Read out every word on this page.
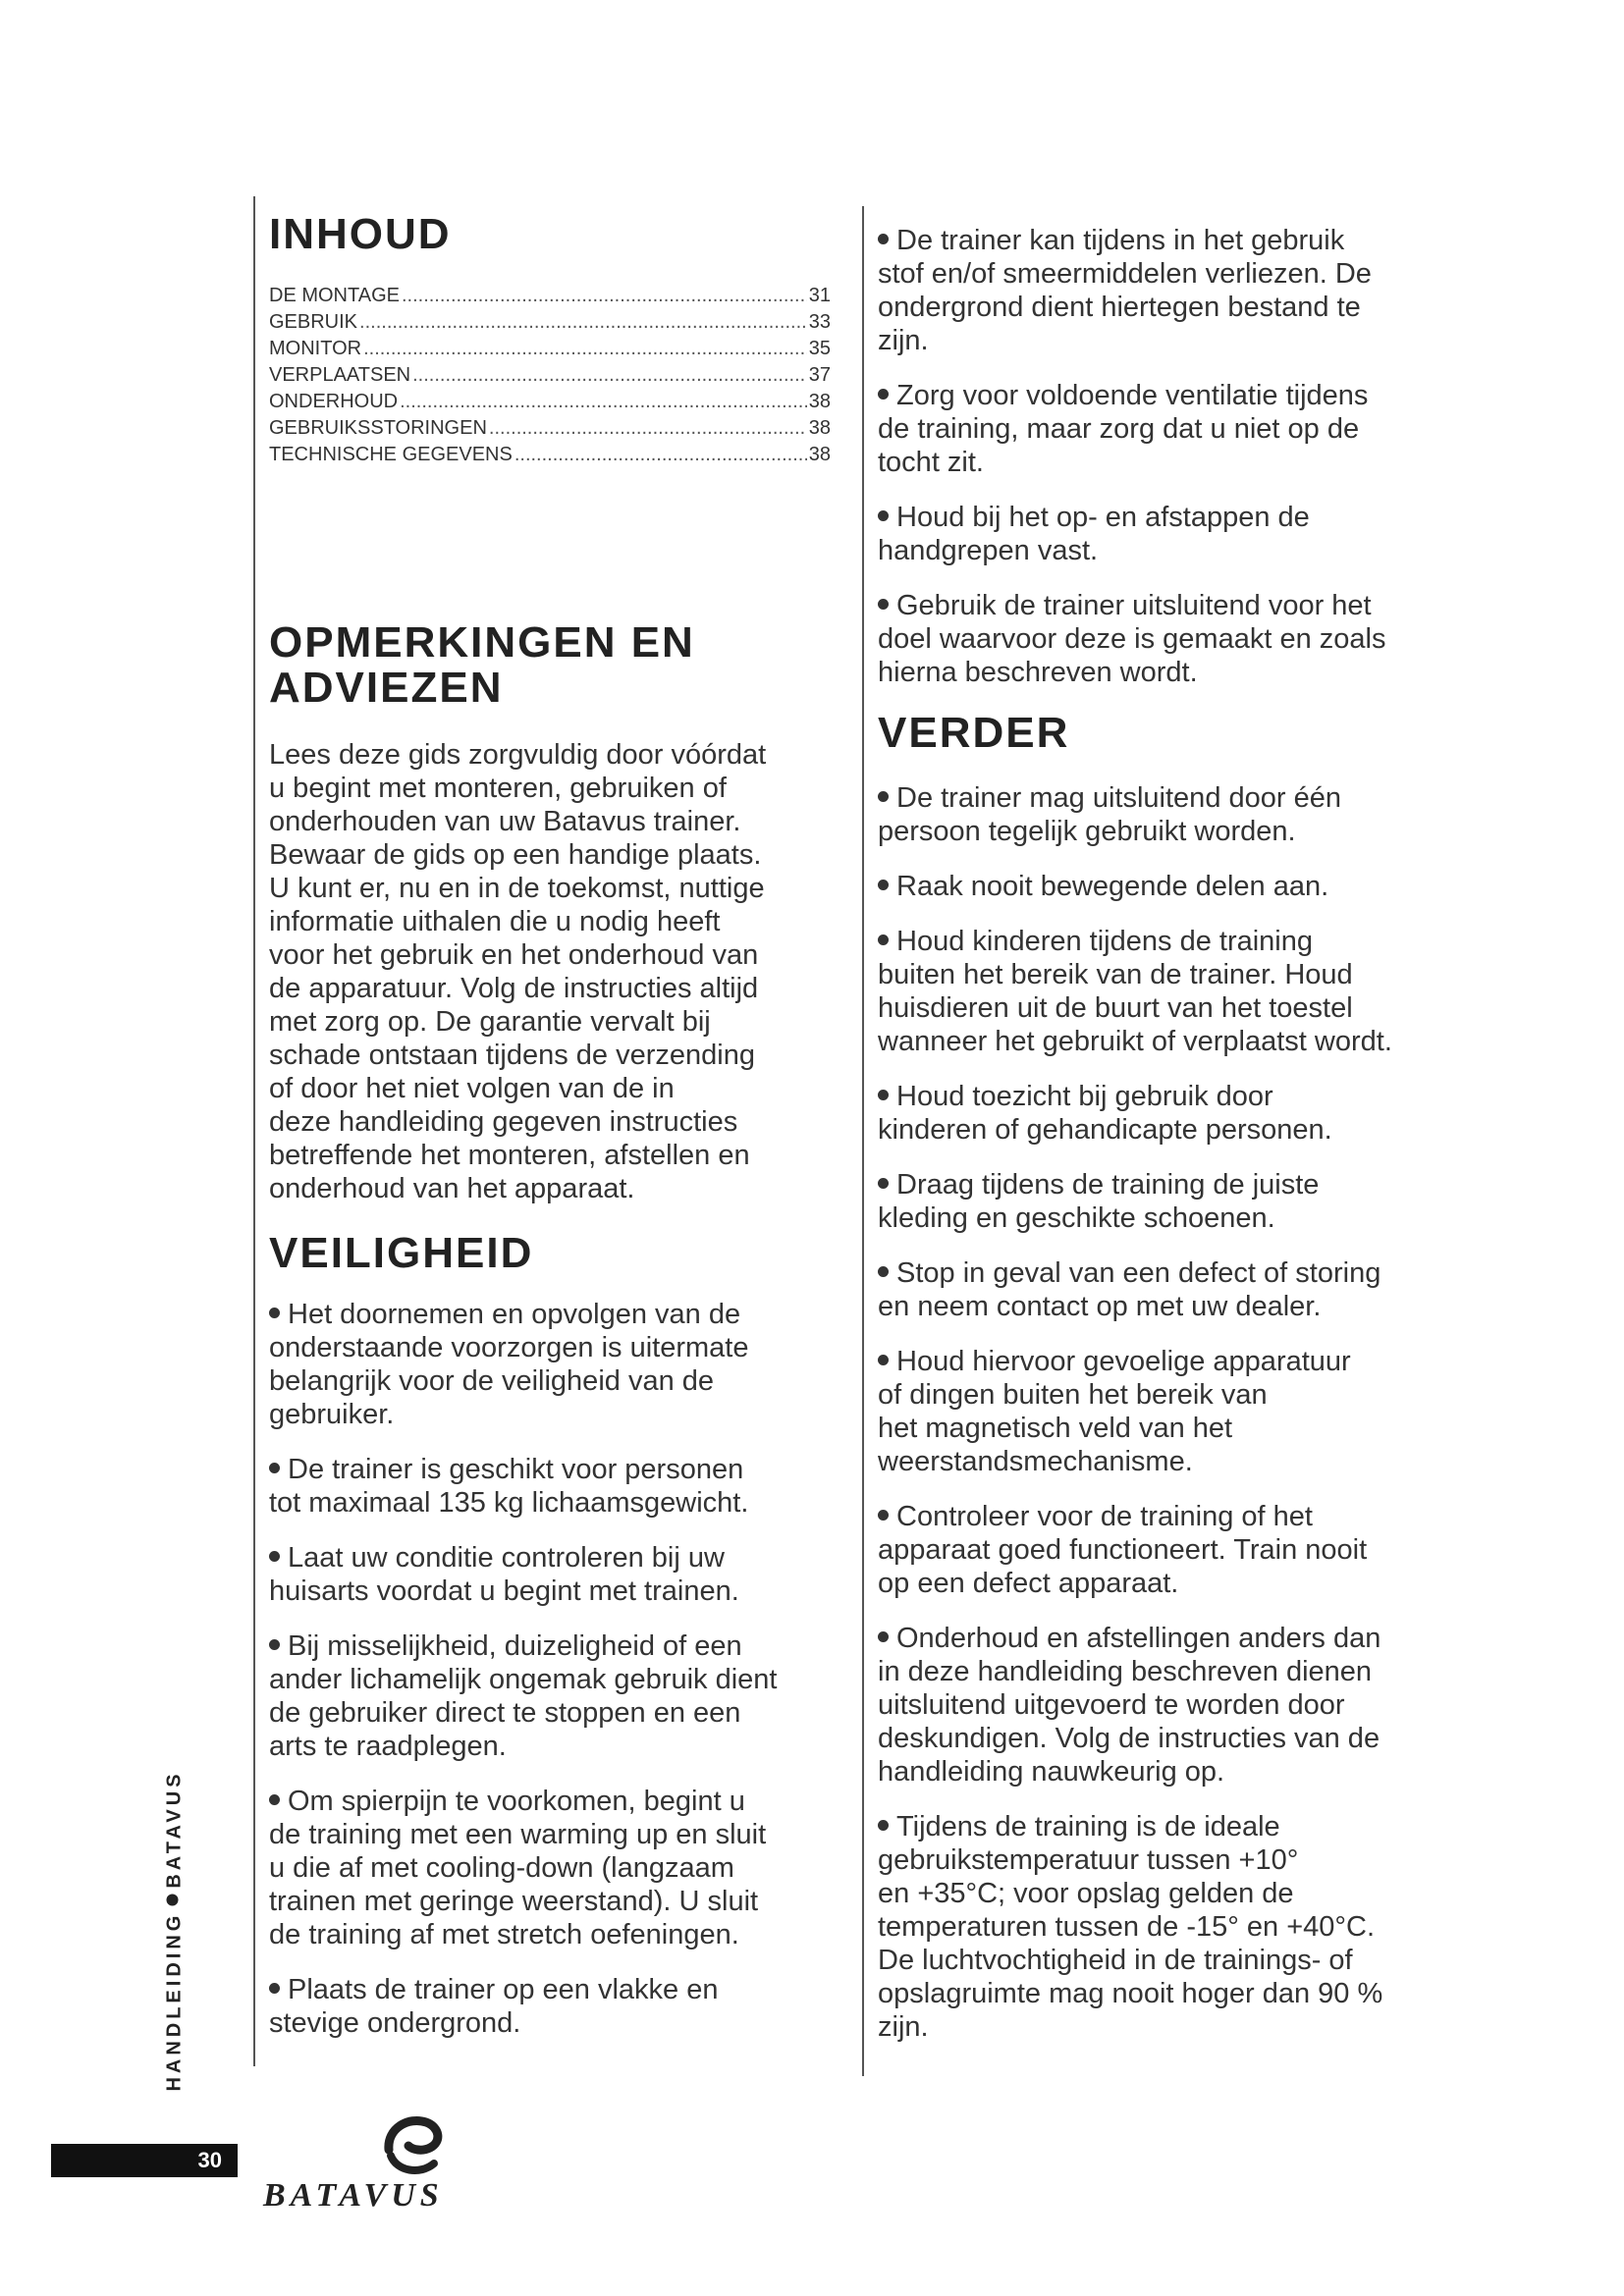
INHOUD
DE MONTAGE .....	31
GEBRUIK .....	33
MONITOR .....	35
VERPLAATSEN .....	37
ONDERHOUD .....	38
GEBRUIKSSTORINGEN .....	38
TECHNISCHE GEGEVENS .....	38
OPMERKINGEN EN
ADVIEZEN

Lees deze gids zorgvuldig door vóórdat
u begint met monteren, gebruiken of
onderhouden van uw Batavus trainer.
Bewaar de gids op een handige plaats.
U kunt er, nu en in de toekomst, nuttige
informatie uithalen die u nodig heeft
voor het gebruik en het onderhoud van
de apparatuur. Volg de instructies altijd
met zorg op. De garantie vervalt bij
schade ontstaan tijdens de verzending
of door het niet volgen van de in
deze handleiding gegeven instructies
betreffende het monteren, afstellen en
onderhoud van het apparaat.

VEILIGHEID

Het doornemen en opvolgen van de
onderstaande voorzorgen is uitermate
belangrijk voor de veiligheid van de
gebruiker.

De trainer is geschikt voor personen
tot maximaal 135 kg lichaamsgewicht.

Laat uw conditie controleren bij uw
huisarts voordat u begint met trainen.

Bij misselijkheid, duizeligheid of een
ander lichamelijk ongemak gebruik dient
de gebruiker direct te stoppen en een
arts te raadplegen.

Om spierpijn te voorkomen, begint u
de training met een warming up en sluit
u die af met cooling-down (langzaam
trainen met geringe weerstand). U sluit
de training af met stretch oefeningen.

Plaats de trainer op een vlakke en
stevige ondergrond.

De trainer kan tijdens in het gebruik
stof en/of smeermiddelen verliezen. De
ondergrond dient hiertegen bestand te
zijn.

Zorg voor voldoende ventilatie tijdens
de training, maar zorg dat u niet op de
tocht zit.

Houd bij het op- en afstappen de
handgrepen vast.

Gebruik de trainer uitsluitend voor het
doel waarvoor deze is gemaakt en zoals
hierna beschreven wordt.

VERDER

De trainer mag uitsluitend door één
persoon tegelijk gebruikt worden.

Raak nooit bewegende delen aan.

Houd kinderen tijdens de training
buiten het bereik van de trainer. Houd
huisdieren uit de buurt van het toestel
wanneer het gebruikt of verplaatst wordt.

Houd toezicht bij gebruik door
kinderen of gehandicapte personen.

Draag tijdens de training de juiste
kleding en geschikte schoenen.

Stop in geval van een defect of storing
en neem contact op met uw dealer.

Houd hiervoor gevoelige apparatuur
of dingen buiten het bereik van
het magnetisch veld van het
weerstandsmechanisme.

Controleer voor de training of het
apparaat goed functioneert. Train nooit
op een defect apparaat.

Onderhoud en afstellingen anders dan
in deze handleiding beschreven dienen
uitsluitend uitgevoerd te worden door
deskundigen. Volg de instructies van de
handleiding nauwkeurig op.

Tijdens de training is de ideale
gebruikstemperatuur tussen +10°
en +35°C; voor opslag gelden de
temperaturen tussen de -15° en +40°C.
De luchtvochtigheid in de trainings- of
opslagruimte mag nooit hoger dan 90 %
zijn.

HANDLEIDINGBATAVUS
30
BATAVUS
